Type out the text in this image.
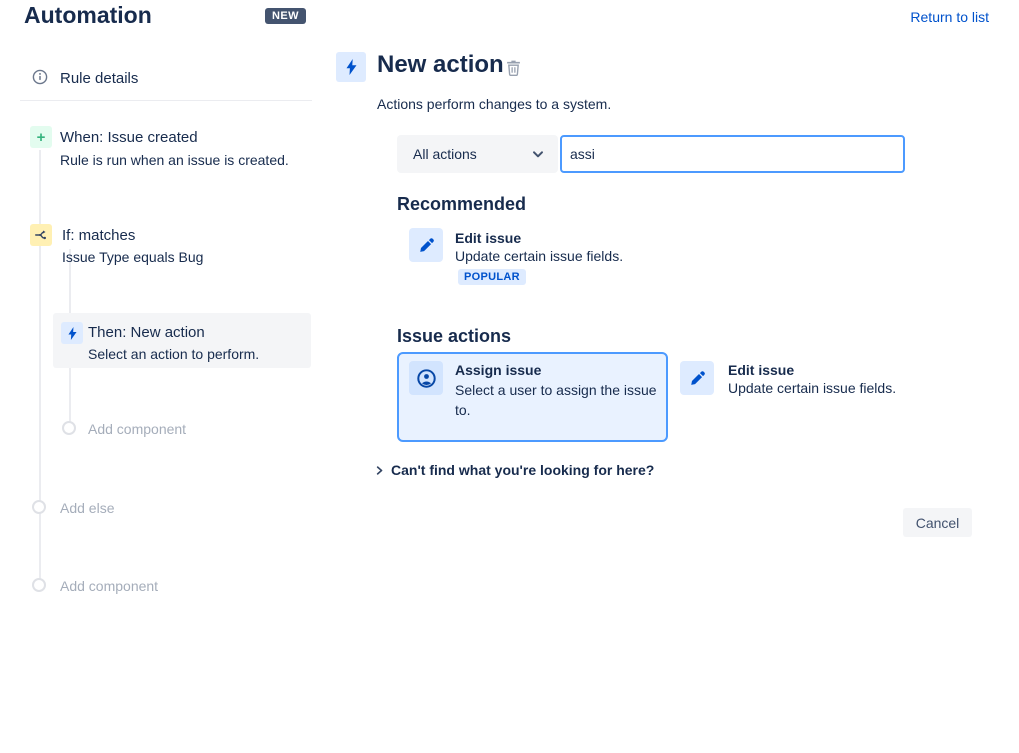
Automation	NEW	Return to list
Rule details
+ When: Issue created
Rule is run when an issue is created.
If: matches
Issue Type equals Bug
Then: New action
Select an action to perform.
Add component
Add else
Add component
New action
Actions perform changes to a system.
All actions
assi
Recommended
Edit issue
Update certain issue fields.
POPULAR
Issue actions
Assign issue
Select a user to assign the issue to.
Edit issue
Update certain issue fields.
Can't find what you're looking for here?
Cancel
